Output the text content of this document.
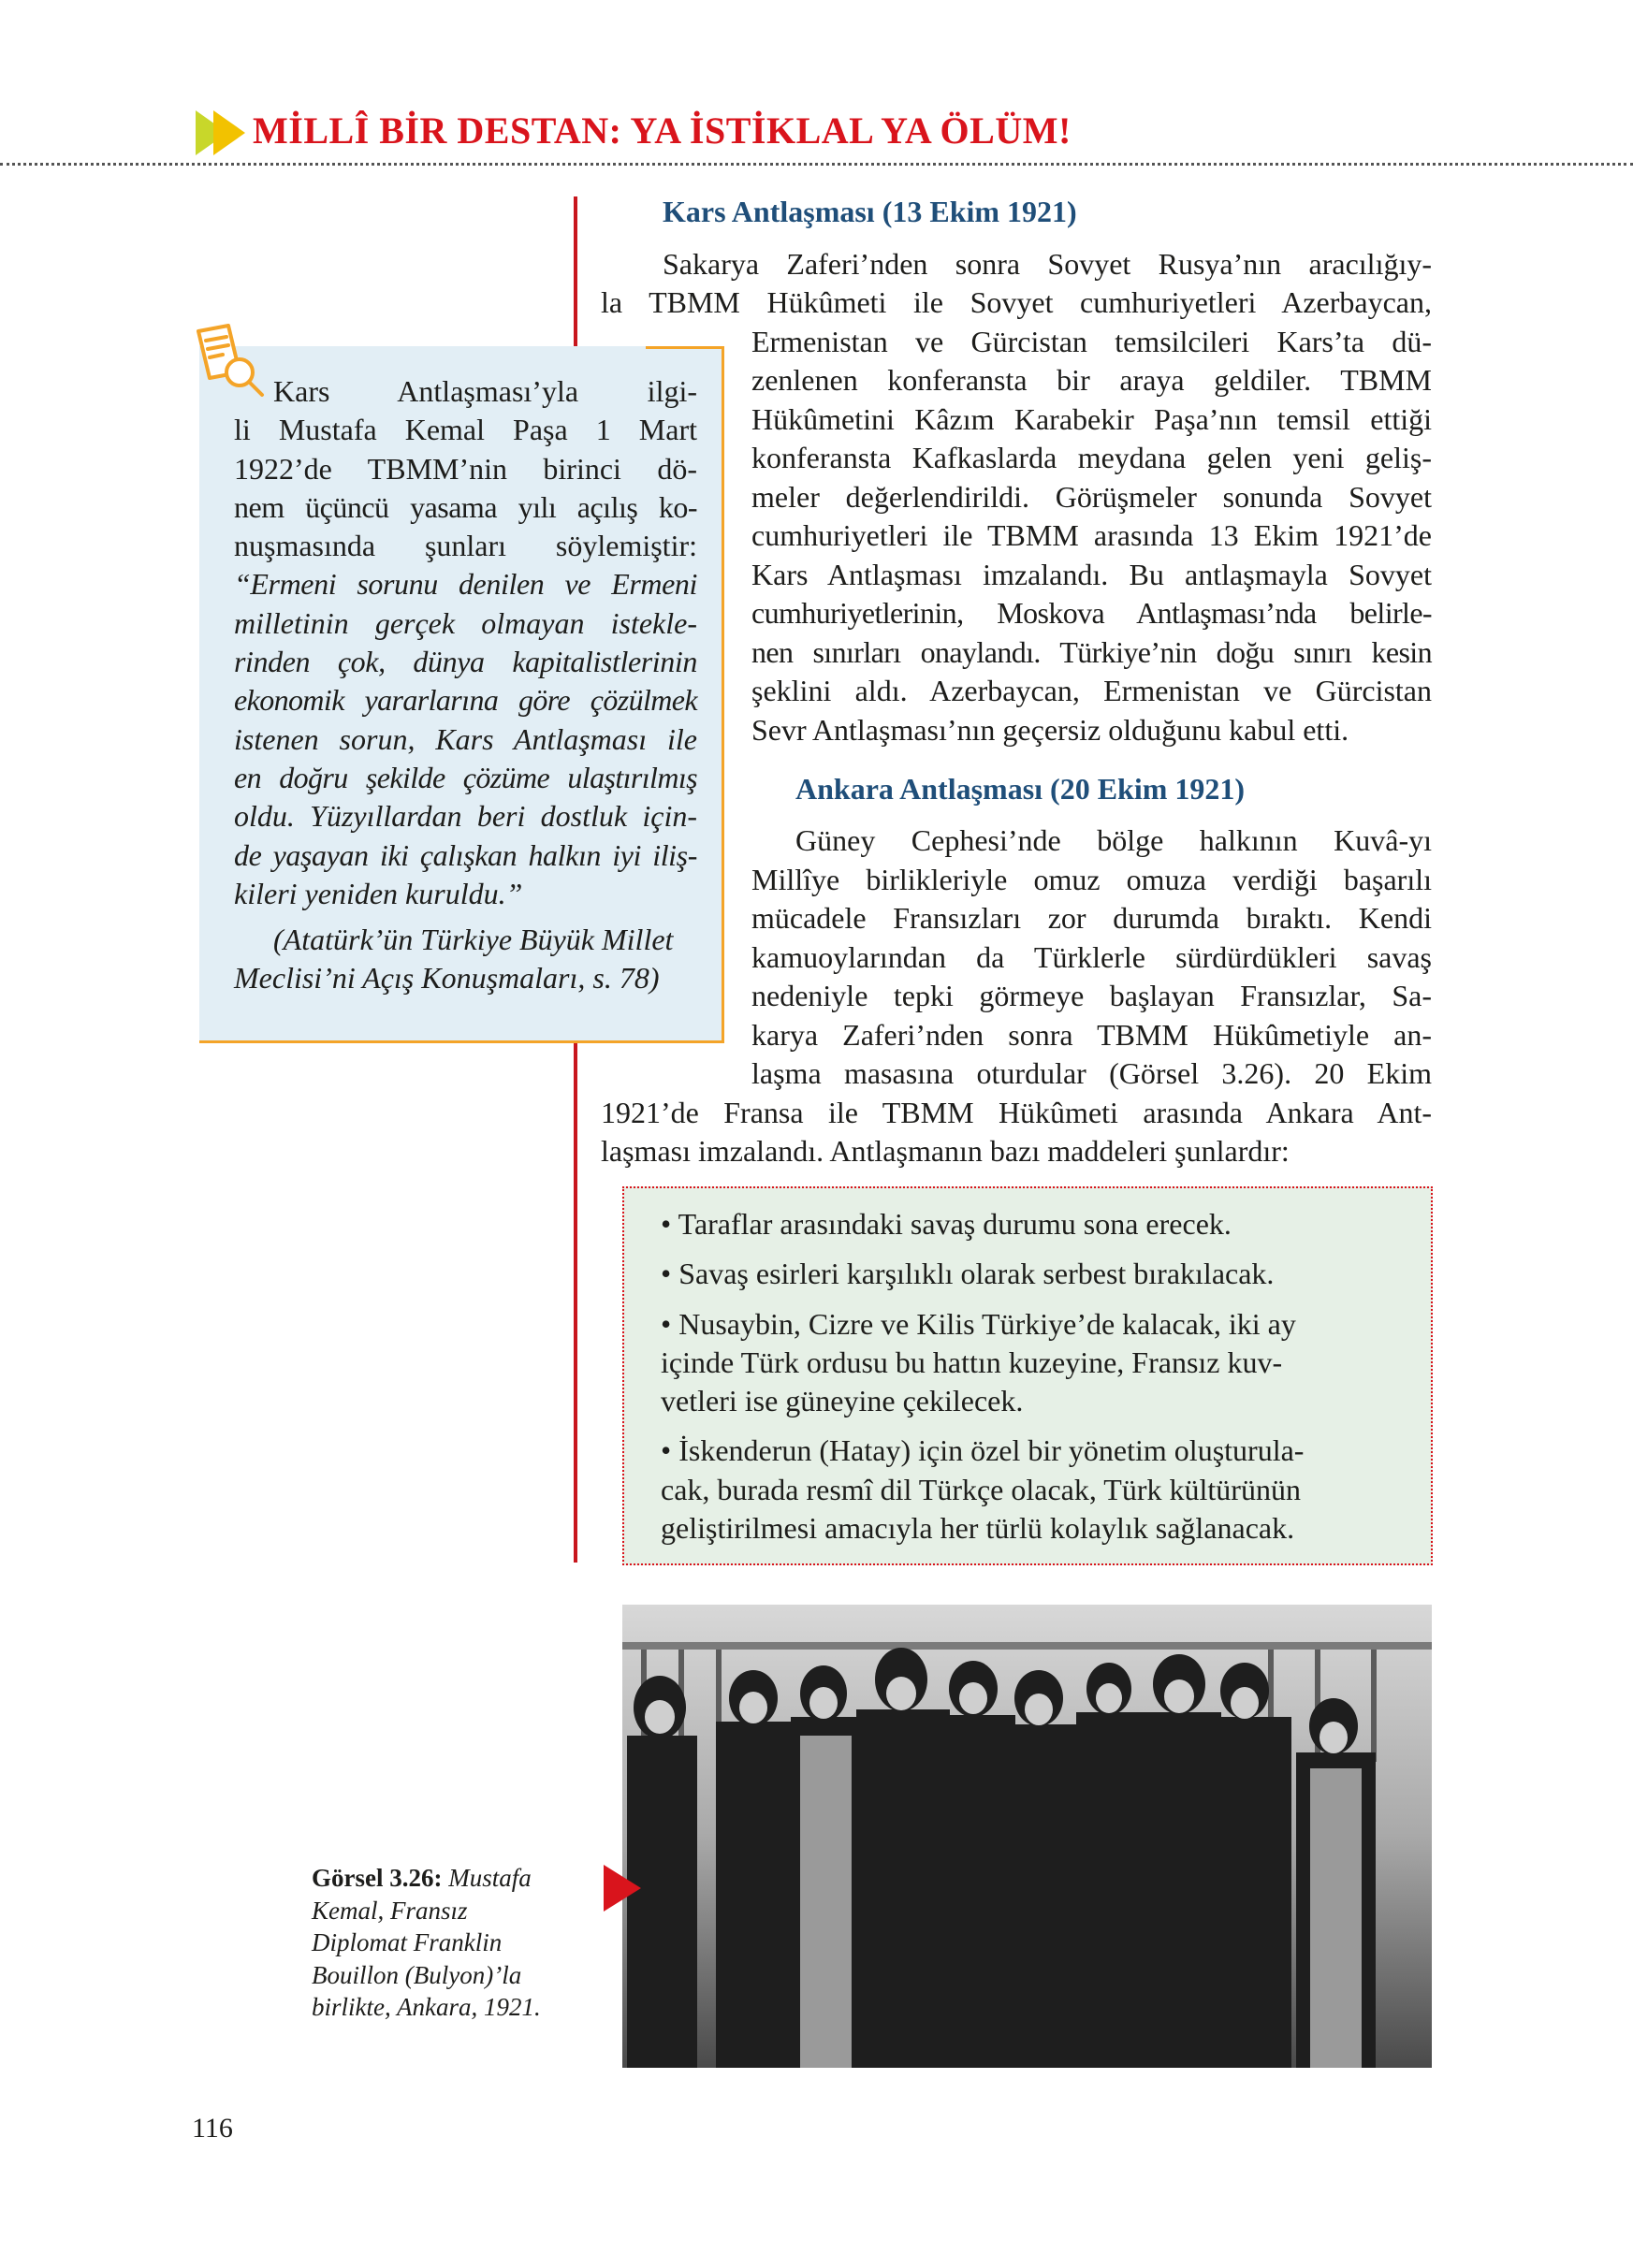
MİLLÎ BİR DESTAN: YA İSTİKLAL YA ÖLÜM!
Kars Antlaşması (13 Ekim 1921)
Sakarya Zaferi’nden sonra Sovyet Rusya’nın aracılığıy-
la TBMM Hükûmeti ile Sovyet cumhuriyetleri Azerbaycan,
Ermenistan ve Gürcistan temsilcileri Kars’ta dü-
zenlenen konferansta bir araya geldiler. TBMM
Hükûmetini Kâzım Karabekir Paşa’nın temsil ettiği
konferansta Kafkaslarda meydana gelen yeni geliş-
meler değerlendirildi. Görüşmeler sonunda Sovyet
cumhuriyetleri ile TBMM arasında 13 Ekim 1921’de
Kars Antlaşması imzalandı. Bu antlaşmayla Sovyet
cumhuriyetlerinin, Moskova Antlaşması’nda belirle-
nen sınırları onaylandı. Türkiye’nin doğu sınırı kesin
şeklini aldı. Azerbaycan, Ermenistan ve Gürcistan
Sevr Antlaşması’nın geçersiz olduğunu kabul etti.
Ankara Antlaşması (20 Ekim 1921)
Güney Cephesi’nde bölge halkının Kuvâ-yı
Millîye birlikleriyle omuz omuza verdiği başarılı
mücadele Fransızları zor durumda bıraktı. Kendi
kamuoylarından da Türklerle sürdürdükleri savaş
nedeniyle tepki görmeye başlayan Fransızlar, Sa-
karya Zaferi’nden sonra TBMM Hükûmetiyle an-
laşma masasına oturdular (Görsel 3.26). 20 Ekim
1921’de Fransa ile TBMM Hükûmeti arasında Ankara Ant-
laşması imzalandı. Antlaşmanın bazı maddeleri şunlardır:
Kars Antlaşması’yla ilgi-
li Mustafa Kemal Paşa 1 Mart
1922’de TBMM’nin birinci dö-
nem üçüncü yasama yılı açılış ko-
nuşmasında şunları söylemiştir:
“Ermeni sorunu denilen ve Ermeni
milletinin gerçek olmayan istekle-
rinden çok, dünya kapitalistlerinin
ekonomik yararlarına göre çözülmek
istenen sorun, Kars Antlaşması ile
en doğru şekilde çözüme ulaştırılmış
oldu. Yüzyıllardan beri dostluk için-
de yaşayan iki çalışkan halkın iyi iliş-
kileri yeniden kuruldu.”
(Atatürk’ün Türkiye Büyük Millet
Meclisi’ni Açış Konuşmaları, s. 78)
• Taraflar arasındaki savaş durumu sona erecek.
• Savaş esirleri karşılıklı olarak serbest bırakılacak.
• Nusaybin, Cizre ve Kilis Türkiye’de kalacak, iki ay
içinde Türk ordusu bu hattın kuzeyine, Fransız kuv-
vetleri ise güneyine çekilecek.
• İskenderun (Hatay) için özel bir yönetim oluşturula-
cak, burada resmî dil Türkçe olacak, Türk kültürünün
geliştirilmesi amacıyla her türlü kolaylık sağlanacak.
Görsel 3.26: Mustafa
Kemal, Fransız
Diplomat Franklin
Bouillon (Bulyon)’la
birlikte, Ankara, 1921.
116
